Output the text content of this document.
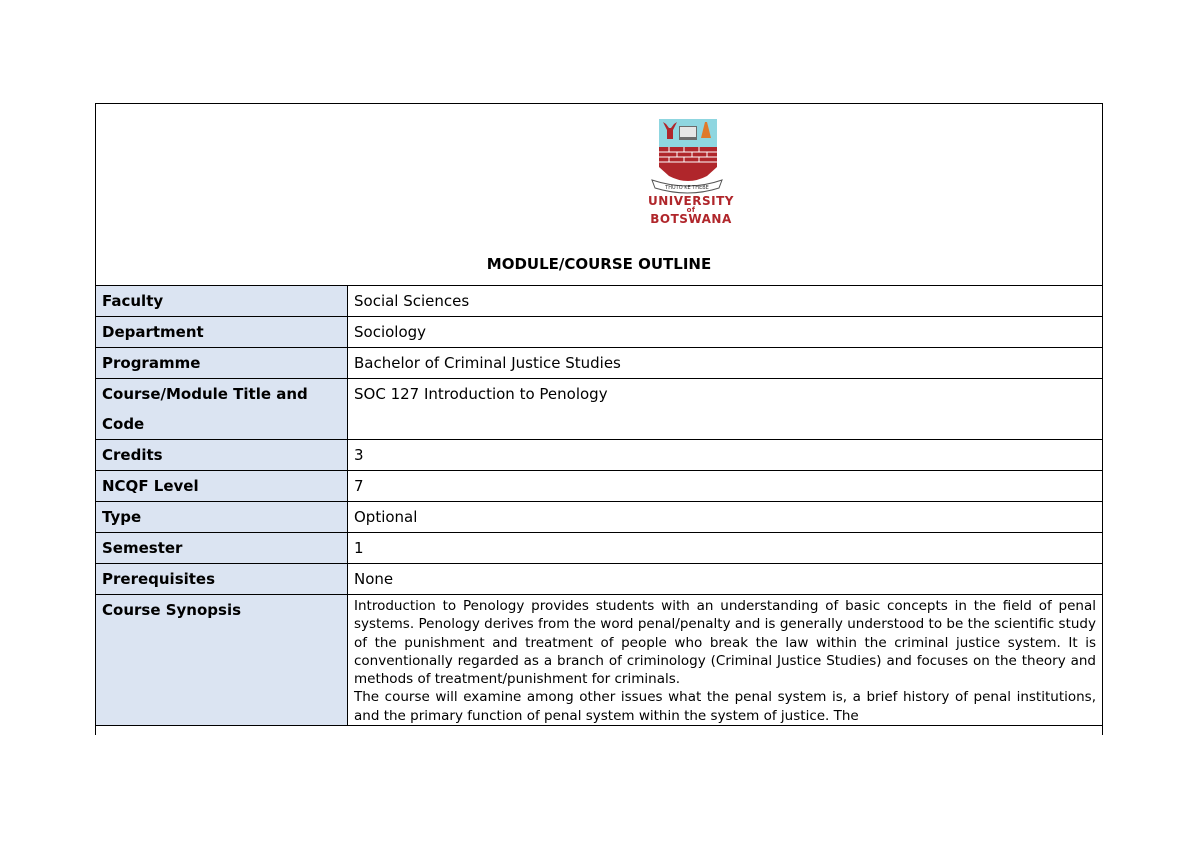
THUTO KE THEBE
UNIVERSITY
of
BOTSWANA
MODULE/COURSE OUTLINE
Faculty	Social Sciences
Department	Sociology
Programme	Bachelor of Criminal Justice Studies
Course/Module Title and Code	SOC 127 Introduction to Penology
Credits	3
NCQF Level	7
Type	Optional
Semester	1
Prerequisites	None
Course Synopsis	Introduction to Penology provides students with an understanding of basic concepts in the field of penal systems. Penology derives from the word penal/penalty and is generally understood to be the scientific study of the punishment and treatment of people who break the law within the criminal justice system. It is conventionally regarded as a branch of criminology (Criminal Justice Studies) and focuses on the theory and methods of treatment/punishment for criminals.

The course will examine among other issues what the penal system is, a brief history of penal institutions, and the primary function of penal system within the system of justice. The
